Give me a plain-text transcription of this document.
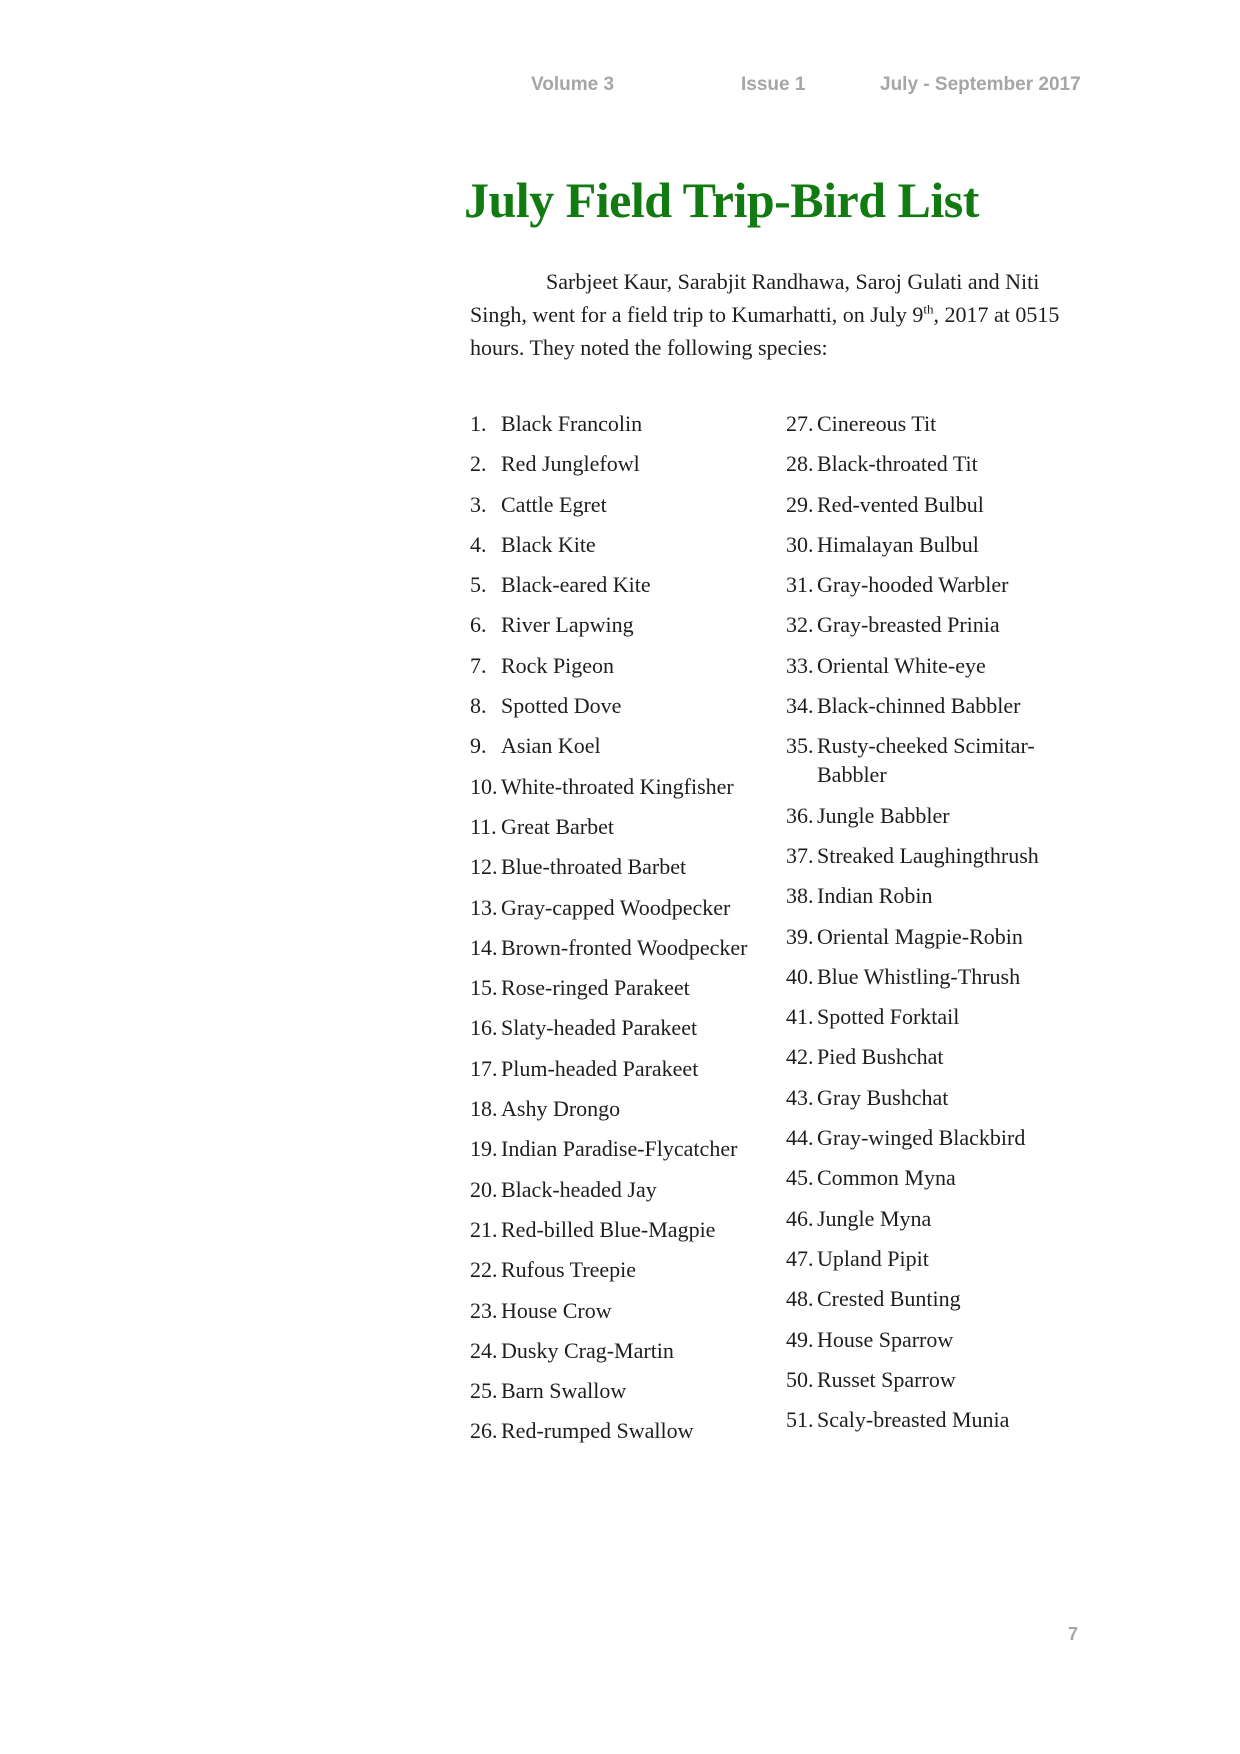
Volume 3	Issue 1	July - September 2017
July Field Trip-Bird List

Sarbjeet Kaur, Sarabjit Randhawa, Saroj Gulati and Niti Singh, went for a field trip to Kumarhatti, on July 9th, 2017 at 0515 hours. They noted the following species:

1. Black Francolin
2. Red Junglefowl
3. Cattle Egret
4. Black Kite
5. Black-eared Kite
6. River Lapwing
7. Rock Pigeon
8. Spotted Dove
9. Asian Koel
10. White-throated Kingfisher
11. Great Barbet
12. Blue-throated Barbet
13. Gray-capped Woodpecker
14. Brown-fronted Woodpecker
15. Rose-ringed Parakeet
16. Slaty-headed Parakeet
17. Plum-headed Parakeet
18. Ashy Drongo
19. Indian Paradise-Flycatcher
20. Black-headed Jay
21. Red-billed Blue-Magpie
22. Rufous Treepie
23. House Crow
24. Dusky Crag-Martin
25. Barn Swallow
26. Red-rumped Swallow
27. Cinereous Tit
28. Black-throated Tit
29. Red-vented Bulbul
30. Himalayan Bulbul
31. Gray-hooded Warbler
32. Gray-breasted Prinia
33. Oriental White-eye
34. Black-chinned Babbler
35. Rusty-cheeked Scimitar-Babbler
36. Jungle Babbler
37. Streaked Laughingthrush
38. Indian Robin
39. Oriental Magpie-Robin
40. Blue Whistling-Thrush
41. Spotted Forktail
42. Pied Bushchat
43. Gray Bushchat
44. Gray-winged Blackbird
45. Common Myna
46. Jungle Myna
47. Upland Pipit
48. Crested Bunting
49. House Sparrow
50. Russet Sparrow
51. Scaly-breasted Munia
7
